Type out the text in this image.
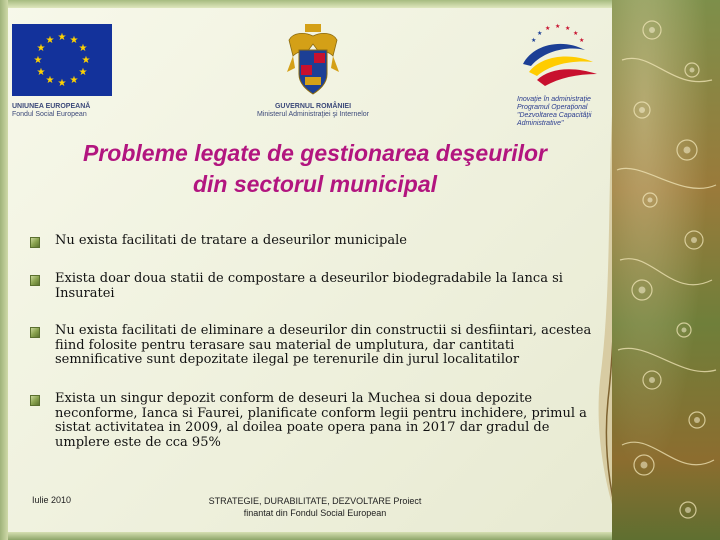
★ ★
★
★
★
★
★
★
★
★
★
★
UNIUNEA EUROPEANĂ
Fondul Social European
GUVERNUL ROMÂNIEI
Ministerul Administraţiei şi Internelor
★ ★ ★
★
★
★
★
Inovaţie în administraţie
Programul Operaţional
"Dezvoltarea Capacităţii
Administrative"
Probleme legate de gestionarea deşeurilor
din sectorul municipal
Nu exista facilitati de tratare a deseurilor municipale
Exista doar doua statii de compostare a deseurilor biodegradabile la Ianca si Insuratei
Nu exista facilitati de eliminare a deseurilor din constructii si desfiintari, acestea fiind folosite pentru terasare sau material de umplutura, dar cantitati semnificative sunt depozitate ilegal pe terenurile din jurul localitatilor
Exista un singur depozit conform de deseuri la Muchea si doua depozite neconforme, Ianca si Faurei, planificate conform legii pentru inchidere, primul a sistat activitatea in 2009, al doilea poate opera pana in 2017 dar gradul de umplere este de cca 95%
Iulie 2010	STRATEGIE, DURABILITATE, DEZVOLTARE Proiect
finantat din Fondul Social European
